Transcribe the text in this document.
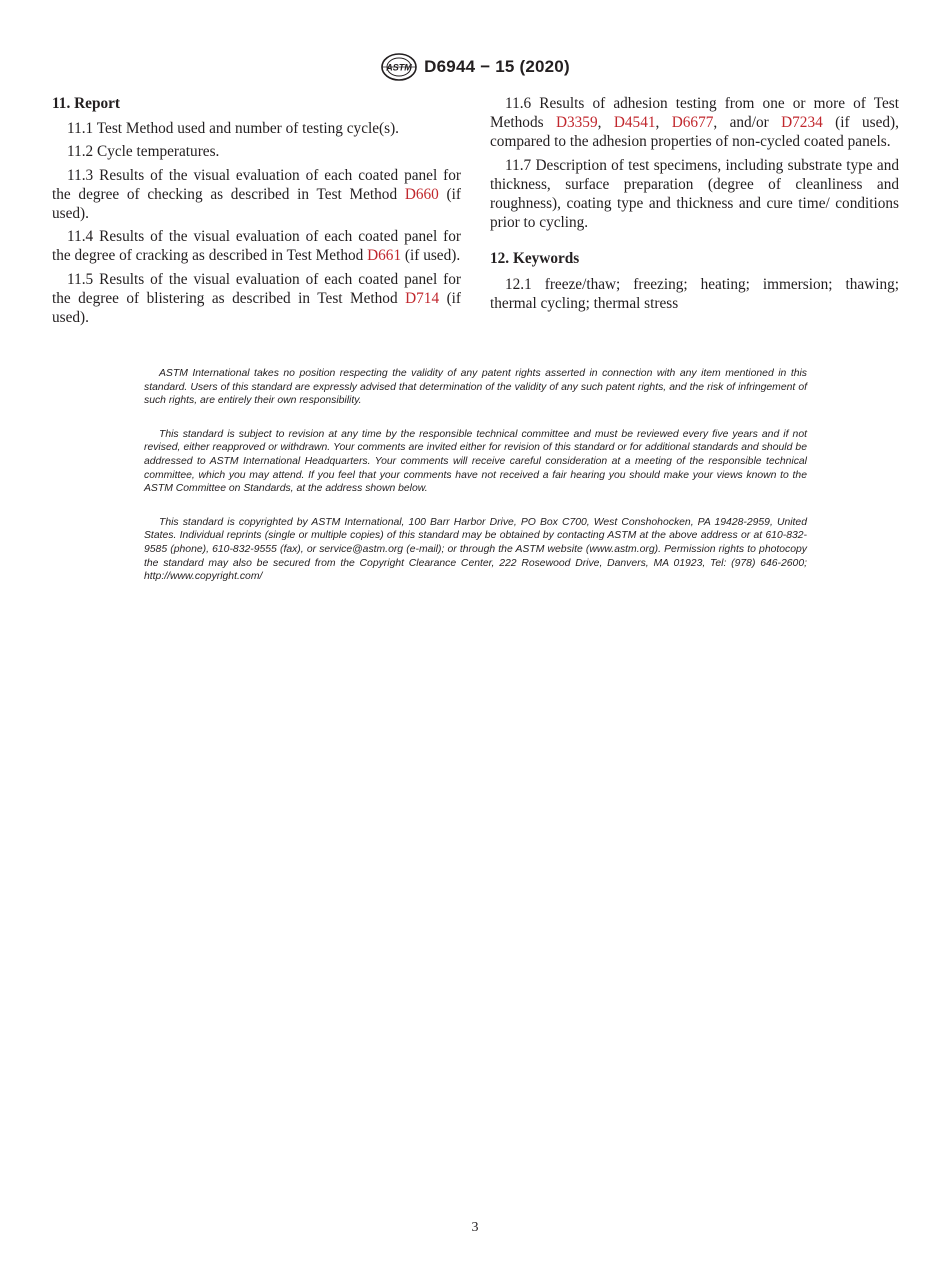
ASTM D6944 − 15 (2020)

11. Report

11.1 Test Method used and number of testing cycle(s).

11.2 Cycle temperatures.

11.3 Results of the visual evaluation of each coated panel for the degree of checking as described in Test Method D660 (if used).

11.4 Results of the visual evaluation of each coated panel for the degree of cracking as described in Test Method D661 (if used).

11.5 Results of the visual evaluation of each coated panel for the degree of blistering as described in Test Method D714 (if used).

11.6 Results of adhesion testing from one or more of Test Methods D3359, D4541, D6677, and/or D7234 (if used), compared to the adhesion properties of non-cycled coated panels.

11.7 Description of test specimens, including substrate type and thickness, surface preparation (degree of cleanliness and roughness), coating type and thickness and cure time/ conditions prior to cycling.

12. Keywords

12.1 freeze/thaw; freezing; heating; immersion; thawing; thermal cycling; thermal stress

ASTM International takes no position respecting the validity of any patent rights asserted in connection with any item mentioned in this standard. Users of this standard are expressly advised that determination of the validity of any such patent rights, and the risk of infringement of such rights, are entirely their own responsibility.

This standard is subject to revision at any time by the responsible technical committee and must be reviewed every five years and if not revised, either reapproved or withdrawn. Your comments are invited either for revision of this standard or for additional standards and should be addressed to ASTM International Headquarters. Your comments will receive careful consideration at a meeting of the responsible technical committee, which you may attend. If you feel that your comments have not received a fair hearing you should make your views known to the ASTM Committee on Standards, at the address shown below.

This standard is copyrighted by ASTM International, 100 Barr Harbor Drive, PO Box C700, West Conshohocken, PA 19428-2959, United States. Individual reprints (single or multiple copies) of this standard may be obtained by contacting ASTM at the above address or at 610-832-9585 (phone), 610-832-9555 (fax), or service@astm.org (e-mail); or through the ASTM website (www.astm.org). Permission rights to photocopy the standard may also be secured from the Copyright Clearance Center, 222 Rosewood Drive, Danvers, MA 01923, Tel: (978) 646-2600; http://www.copyright.com/

3
